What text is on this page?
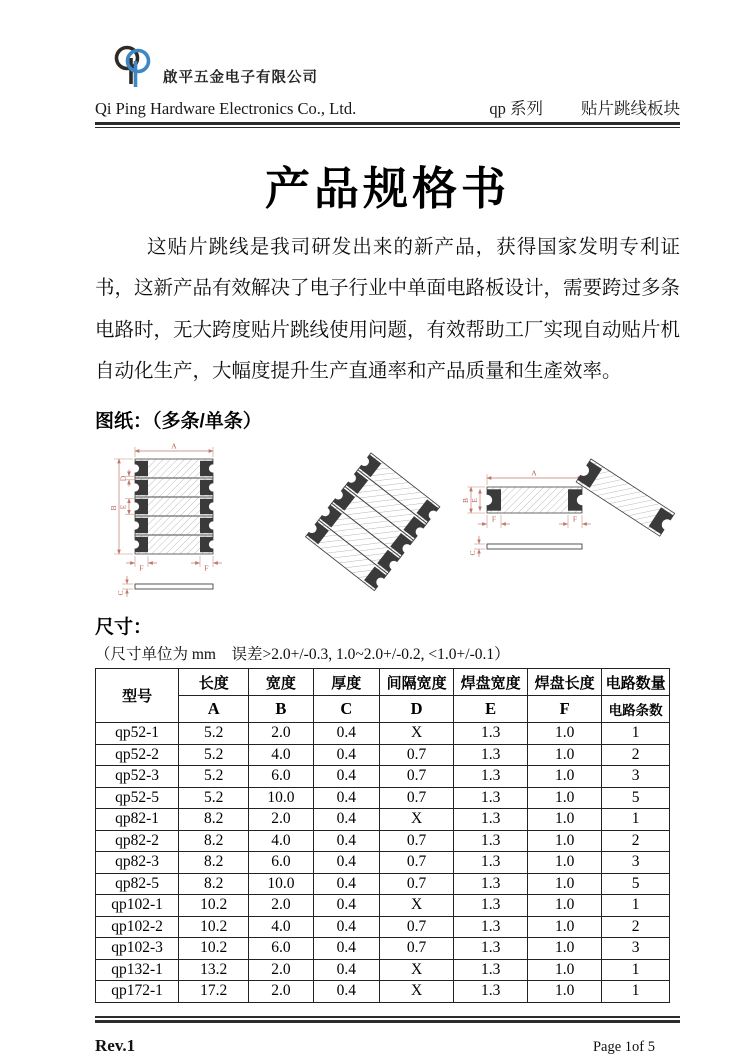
啟平五金电子有限公司
Qi Ping Hardware Electronics Co., Ltd.	qp 系列 贴片跳线板块
产品规格书
这贴片跳线是我司研发出来的新产品，获得国家发明专利证书，这新产品有效解决了电子行业中单面电路板设计，需要跨过多条电路时，无大跨度贴片跳线使用问题，有效帮助工厂实现自动贴片机自动化生产，大幅度提升生产直通率和产品质量和生產效率。
图纸：（多条/单条）
A
B
D
E
F	F
C
A
B E
F	F
C
尺寸：
（尺寸单位为 mm    误差>2.0+/-0.3, 1.0~2.0+/-0.2, <1.0+/-0.1）
型号	长度	宽度	厚度	间隔宽度	焊盘宽度	焊盘长度	电路数量
	A	B	C	D	E	F	电路条数
qp52-1	5.2	2.0	0.4	X	1.3	1.0	1
qp52-2	5.2	4.0	0.4	0.7	1.3	1.0	2
qp52-3	5.2	6.0	0.4	0.7	1.3	1.0	3
qp52-5	5.2	10.0	0.4	0.7	1.3	1.0	5
qp82-1	8.2	2.0	0.4	X	1.3	1.0	1
qp82-2	8.2	4.0	0.4	0.7	1.3	1.0	2
qp82-3	8.2	6.0	0.4	0.7	1.3	1.0	3
qp82-5	8.2	10.0	0.4	0.7	1.3	1.0	5
qp102-1	10.2	2.0	0.4	X	1.3	1.0	1
qp102-2	10.2	4.0	0.4	0.7	1.3	1.0	2
qp102-3	10.2	6.0	0.4	0.7	1.3	1.0	3
qp132-1	13.2	2.0	0.4	X	1.3	1.0	1
qp172-1	17.2	2.0	0.4	X	1.3	1.0	1
Rev.1	Page 1of 5
